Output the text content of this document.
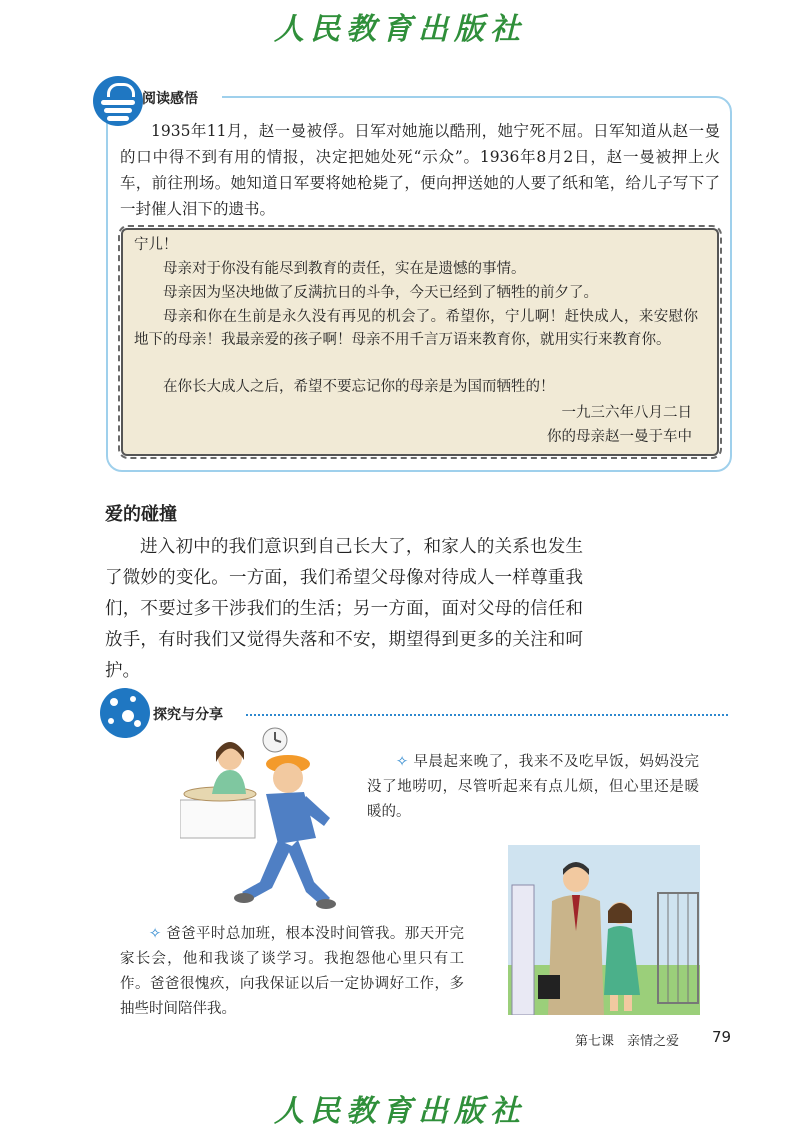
人民教育出版社
阅读感悟
1935年11月，赵一曼被俘。日军对她施以酷刑，她宁死不屈。日军知道从赵一曼的口中得不到有用的情报，决定把她处死“示众”。1936年8月2日，赵一曼被押上火车，前往刑场。她知道日军要将她枪毙了，便向押送她的人要了纸和笔，给儿子写下了一封催人泪下的遗书。
宁儿！
母亲对于你没有能尽到教育的责任，实在是遗憾的事情。
母亲因为坚决地做了反满抗日的斗争，今天已经到了牺牲的前夕了。
母亲和你在生前是永久没有再见的机会了。希望你，宁儿啊！赶快成人，来安慰你地下的母亲！我最亲爱的孩子啊！母亲不用千言万语来教育你，就用实行来教育你。
在你长大成人之后，希望不要忘记你的母亲是为国而牺牲的！
一九三六年八月二日
你的母亲赵一曼于车中
爱的碰撞
进入初中的我们意识到自己长大了，和家人的关系也发生了微妙的变化。一方面，我们希望父母像对待成人一样尊重我们，不要过多干涉我们的生活；另一方面，面对父母的信任和放手，有时我们又觉得失落和不安，期望得到更多的关注和呵护。
探究与分享
✧ 早晨起来晚了，我来不及吃早饭，妈妈没完没了地唠叨，尽管听起来有点儿烦，但心里还是暖暖的。
✧ 爸爸平时总加班，根本没时间管我。那天开完家长会，他和我谈了谈学习。我抱怨他心里只有工作。爸爸很愧疚，向我保证以后一定协调好工作，多抽些时间陪伴我。
第七课　亲情之爱 79
人民教育出版社
